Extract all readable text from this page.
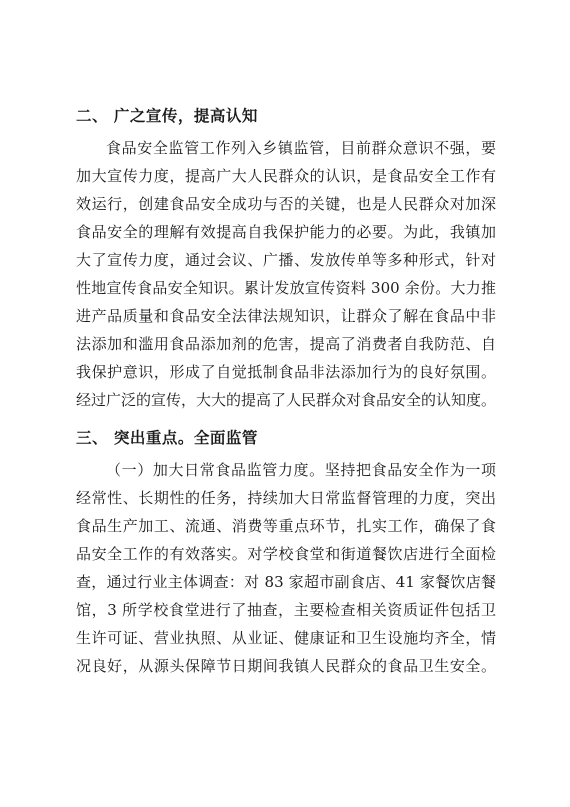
二、 广之宣传，提高认知

食品安全监管工作列入乡镇监管，目前群众意识不强，要

加大宣传力度，提高广大人民群众的认识，是食品安全工作有

效运行，创建食品安全成功与否的关键，也是人民群众对加深

食品安全的理解有效提高自我保护能力的必要。为此，我镇加

大了宣传力度，通过会议、广播、发放传单等多种形式，针对

性地宣传食品安全知识。累计发放宣传资料 300 余份。大力推

进产品质量和食品安全法律法规知识，让群众了解在食品中非

法添加和滥用食品添加剂的危害，提高了消费者自我防范、自

我保护意识，形成了自觉抵制食品非法添加行为的良好氛围。

经过广泛的宣传，大大的提高了人民群众对食品安全的认知度。

三、 突出重点。全面监管

（一）加大日常食品监管力度。坚持把食品安全作为一项

经常性、长期性的任务，持续加大日常监督管理的力度，突出

食品生产加工、流通、消费等重点环节，扎实工作，确保了食

品安全工作的有效落实。对学校食堂和街道餐饮店进行全面检

查，通过行业主体调查：对 83 家超市副食店、41 家餐饮店餐

馆，3 所学校食堂进行了抽查，主要检查相关资质证件包括卫

生许可证、营业执照、从业证、健康证和卫生设施均齐全，情

况良好，从源头保障节日期间我镇人民群众的食品卫生安全。
